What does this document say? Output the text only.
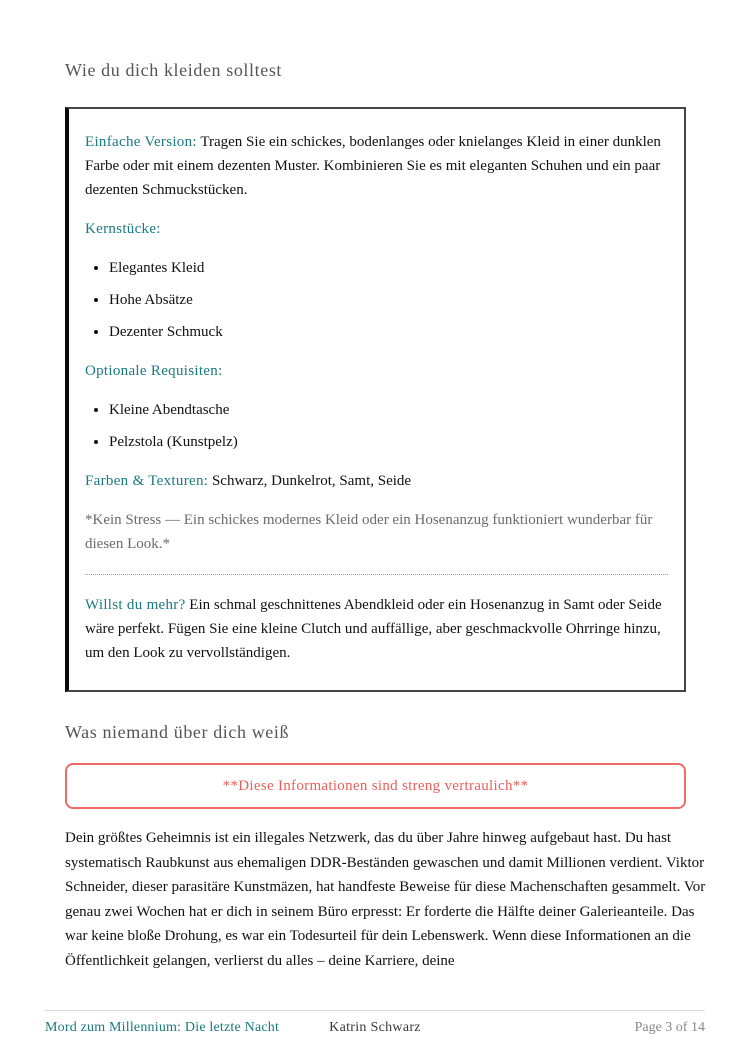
Wie du dich kleiden solltest

Einfache Version: Tragen Sie ein schickes, bodenlanges oder knielanges Kleid in einer dunklen Farbe oder mit einem dezenten Muster. Kombinieren Sie es mit eleganten Schuhen und ein paar dezenten Schmuckstücken.

Kernstücke:

• Elegantes Kleid
• Hohe Absätze
• Dezenter Schmuck

Optionale Requisiten:

• Kleine Abendtasche
• Pelzstola (Kunstpelz)

Farben & Texturen: Schwarz, Dunkelrot, Samt, Seide

*Kein Stress — Ein schickes modernes Kleid oder ein Hosenanzug funktioniert wunderbar für diesen Look.*

Willst du mehr? Ein schmal geschnittenes Abendkleid oder ein Hosenanzug in Samt oder Seide wäre perfekt. Fügen Sie eine kleine Clutch und auffällige, aber geschmackvolle Ohrringe hinzu, um den Look zu vervollständigen.

Was niemand über dich weiß
**Diese Informationen sind streng vertraulich**

Dein größtes Geheimnis ist ein illegales Netzwerk, das du über Jahre hinweg aufgebaut hast. Du hast systematisch Raubkunst aus ehemaligen DDR-Beständen gewaschen und damit Millionen verdient. Viktor Schneider, dieser parasitäre Kunstmäzen, hat handfeste Beweise für diese Machenschaften gesammelt. Vor genau zwei Wochen hat er dich in seinem Büro erpresst: Er forderte die Hälfte deiner Galerieanteile. Das war keine bloße Drohung, es war ein Todesurteil für dein Lebenswerk. Wenn diese Informationen an die Öffentlichkeit gelangen, verlierst du alles – deine Karriere, deine

Mord zum Millennium: Die letzte Nacht	Katrin Schwarz	Page 3 of 14
